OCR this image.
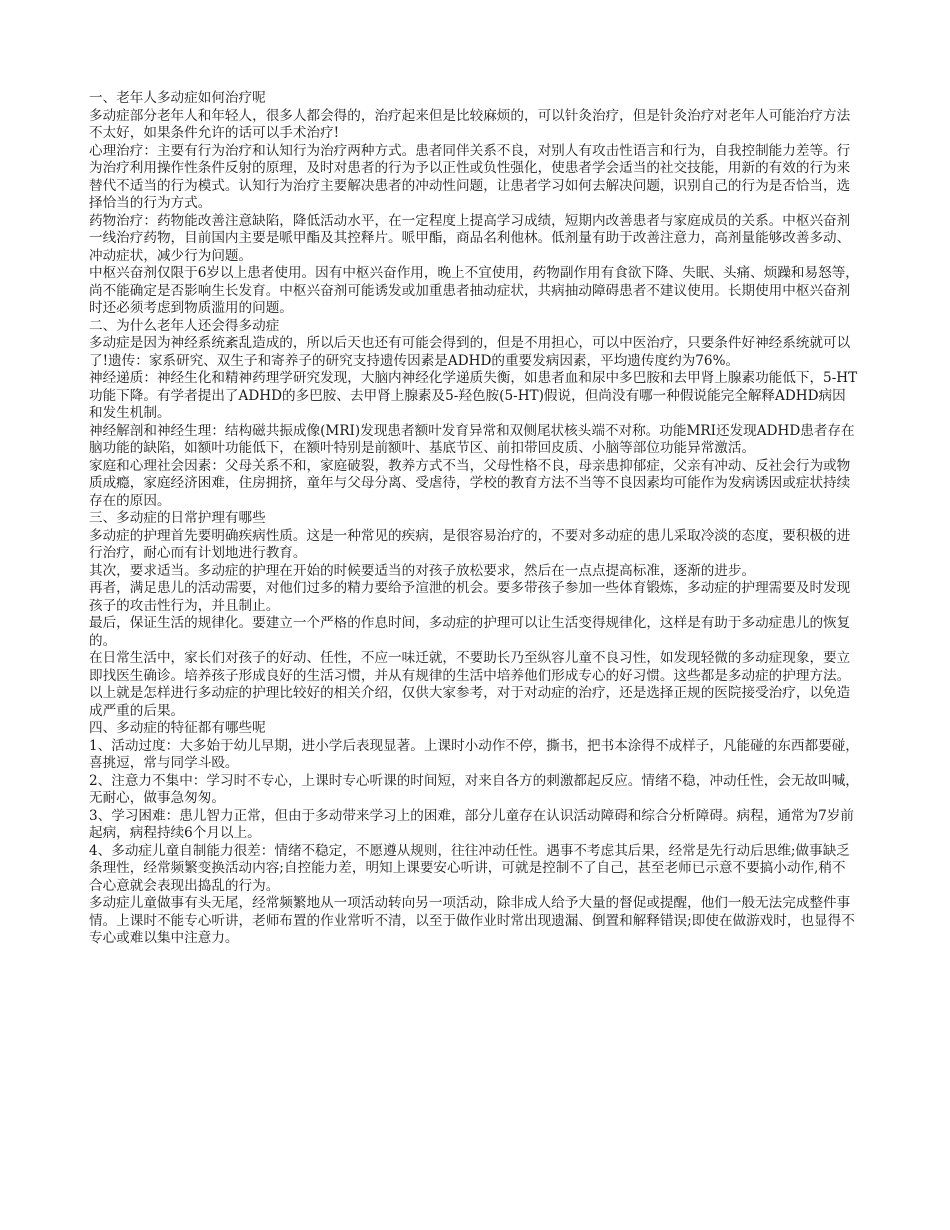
一、老年人多动症如何治疗呢

多动症部分老年人和年轻人，很多人都会得的，治疗起来但是比较麻烦的，可以针灸治疗，但是针灸治疗对老年人可能治疗方法不太好，如果条件允许的话可以手术治疗!

心理治疗：主要有行为治疗和认知行为治疗两种方式。患者同伴关系不良，对别人有攻击性语言和行为，自我控制能力差等。行为治疗利用操作性条件反射的原理，及时对患者的行为予以正性或负性强化，使患者学会适当的社交技能，用新的有效的行为来替代不适当的行为模式。认知行为治疗主要解决患者的冲动性问题，让患者学习如何去解决问题，识别自己的行为是否恰当，选择恰当的行为方式。

药物治疗：药物能改善注意缺陷，降低活动水平，在一定程度上提高学习成绩，短期内改善患者与家庭成员的关系。中枢兴奋剂一线治疗药物，目前国内主要是哌甲酯及其控释片。哌甲酯，商品名利他林。低剂量有助于改善注意力，高剂量能够改善多动、冲动症状，减少行为问题。

中枢兴奋剂仅限于6岁以上患者使用。因有中枢兴奋作用，晚上不宜使用，药物副作用有食欲下降、失眠、头痛、烦躁和易怒等，尚不能确定是否影响生长发育。中枢兴奋剂可能诱发或加重患者抽动症状，共病抽动障碍患者不建议使用。长期使用中枢兴奋剂时还必须考虑到物质滥用的问题。

二、为什么老年人还会得多动症

多动症是因为神经系统紊乱造成的，所以后天也还有可能会得到的，但是不用担心，可以中医治疗，只要条件好神经系统就可以了!遗传：家系研究、双生子和寄养子的研究支持遗传因素是ADHD的重要发病因素，平均遗传度约为76%。

神经递质：神经生化和精神药理学研究发现，大脑内神经化学递质失衡，如患者血和尿中多巴胺和去甲肾上腺素功能低下，5-HT功能下降。有学者提出了ADHD的多巴胺、去甲肾上腺素及5-羟色胺(5-HT)假说，但尚没有哪一种假说能完全解释ADHD病因和发生机制。

神经解剖和神经生理：结构磁共振成像(MRI)发现患者额叶发育异常和双侧尾状核头端不对称。功能MRI还发现ADHD患者存在脑功能的缺陷，如额叶功能低下，在额叶特别是前额叶、基底节区、前扣带回皮质、小脑等部位功能异常激活。

家庭和心理社会因素：父母关系不和，家庭破裂，教养方式不当，父母性格不良，母亲患抑郁症，父亲有冲动、反社会行为或物质成瘾，家庭经济困难，住房拥挤，童年与父母分离、受虐待，学校的教育方法不当等不良因素均可能作为发病诱因或症状持续存在的原因。

三、多动症的日常护理有哪些

多动症的护理首先要明确疾病性质。这是一种常见的疾病，是很容易治疗的，不要对多动症的患儿采取冷淡的态度，要积极的进行治疗，耐心而有计划地进行教育。

其次，要求适当。多动症的护理在开始的时候要适当的对孩子放松要求，然后在一点点提高标准，逐渐的进步。

再者，满足患儿的活动需要，对他们过多的精力要给予渲泄的机会。要多带孩子参加一些体育锻炼，多动症的护理需要及时发现孩子的攻击性行为，并且制止。

最后，保证生活的规律化。要建立一个严格的作息时间，多动症的护理可以让生活变得规律化，这样是有助于多动症患儿的恢复的。

在日常生活中，家长们对孩子的好动、任性，不应一味迁就，不要助长乃至纵容儿童不良习性，如发现轻微的多动症现象，要立即找医生确诊。培养孩子形成良好的生活习惯，并从有规律的生活中培养他们形成专心的好习惯。这些都是多动症的护理方法。

以上就是怎样进行多动症的护理比较好的相关介绍，仅供大家参考，对于对动症的治疗，还是选择正规的医院接受治疗，以免造成严重的后果。

四、多动症的特征都有哪些呢

1、活动过度：大多始于幼儿早期，进小学后表现显著。上课时小动作不停，撕书，把书本涂得不成样子，凡能碰的东西都要碰，喜挑逗，常与同学斗殴。

2、注意力不集中：学习时不专心，上课时专心听课的时间短，对来自各方的刺激都起反应。情绪不稳，冲动任性，会无故叫喊，无耐心，做事急匆匆。

3、学习困难：患儿智力正常，但由于多动带来学习上的困难，部分儿童存在认识活动障碍和综合分析障碍。病程，通常为7岁前起病，病程持续6个月以上。

4、多动症儿童自制能力很差：情绪不稳定，不愿遵从规则，往往冲动任性。遇事不考虑其后果，经常是先行动后思维;做事缺乏条理性，经常频繁变换活动内容;自控能力差，明知上课要安心听讲，可就是控制不了自己，甚至老师已示意不要搞小动作,稍不合心意就会表现出捣乱的行为。

多动症儿童做事有头无尾，经常频繁地从一项活动转向另一项活动，除非成人给予大量的督促或提醒，他们一般无法完成整件事情。上课时不能专心听讲，老师布置的作业常听不清，以至于做作业时常出现遗漏、倒置和解释错误;即使在做游戏时，也显得不专心或难以集中注意力。
